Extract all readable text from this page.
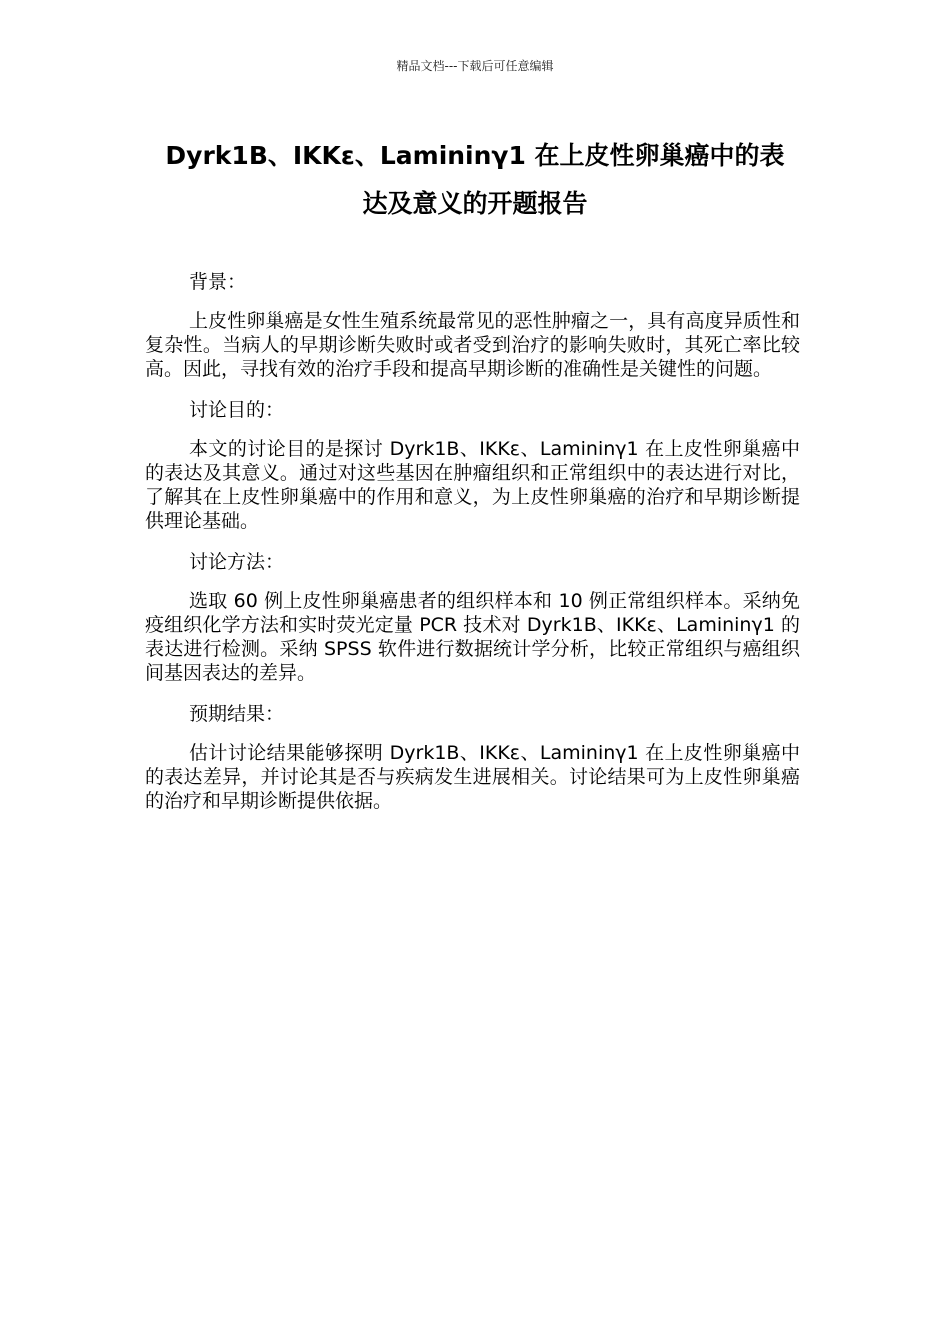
精品文档---下载后可任意编辑
Dyrk1B、IKKε、Lamininγ1 在上皮性卵巢癌中的表
达及意义的开题报告

背景：

上皮性卵巢癌是女性生殖系统最常见的恶性肿瘤之一，具有高度异质性和复杂性。当病人的早期诊断失败时或者受到治疗的影响失败时，其死亡率比较高。因此，寻找有效的治疗手段和提高早期诊断的准确性是关键性的问题。

讨论目的：

本文的讨论目的是探讨 Dyrk1B、IKKε、Lamininγ1 在上皮性卵巢癌中的表达及其意义。通过对这些基因在肿瘤组织和正常组织中的表达进行对比，了解其在上皮性卵巢癌中的作用和意义，为上皮性卵巢癌的治疗和早期诊断提供理论基础。

讨论方法：

选取 60 例上皮性卵巢癌患者的组织样本和 10 例正常组织样本。采纳免疫组织化学方法和实时荧光定量 PCR 技术对 Dyrk1B、IKKε、Lamininγ1 的表达进行检测。采纳 SPSS 软件进行数据统计学分析，比较正常组织与癌组织间基因表达的差异。

预期结果：

估计讨论结果能够探明 Dyrk1B、IKKε、Lamininγ1 在上皮性卵巢癌中的表达差异，并讨论其是否与疾病发生进展相关。讨论结果可为上皮性卵巢癌的治疗和早期诊断提供依据。
